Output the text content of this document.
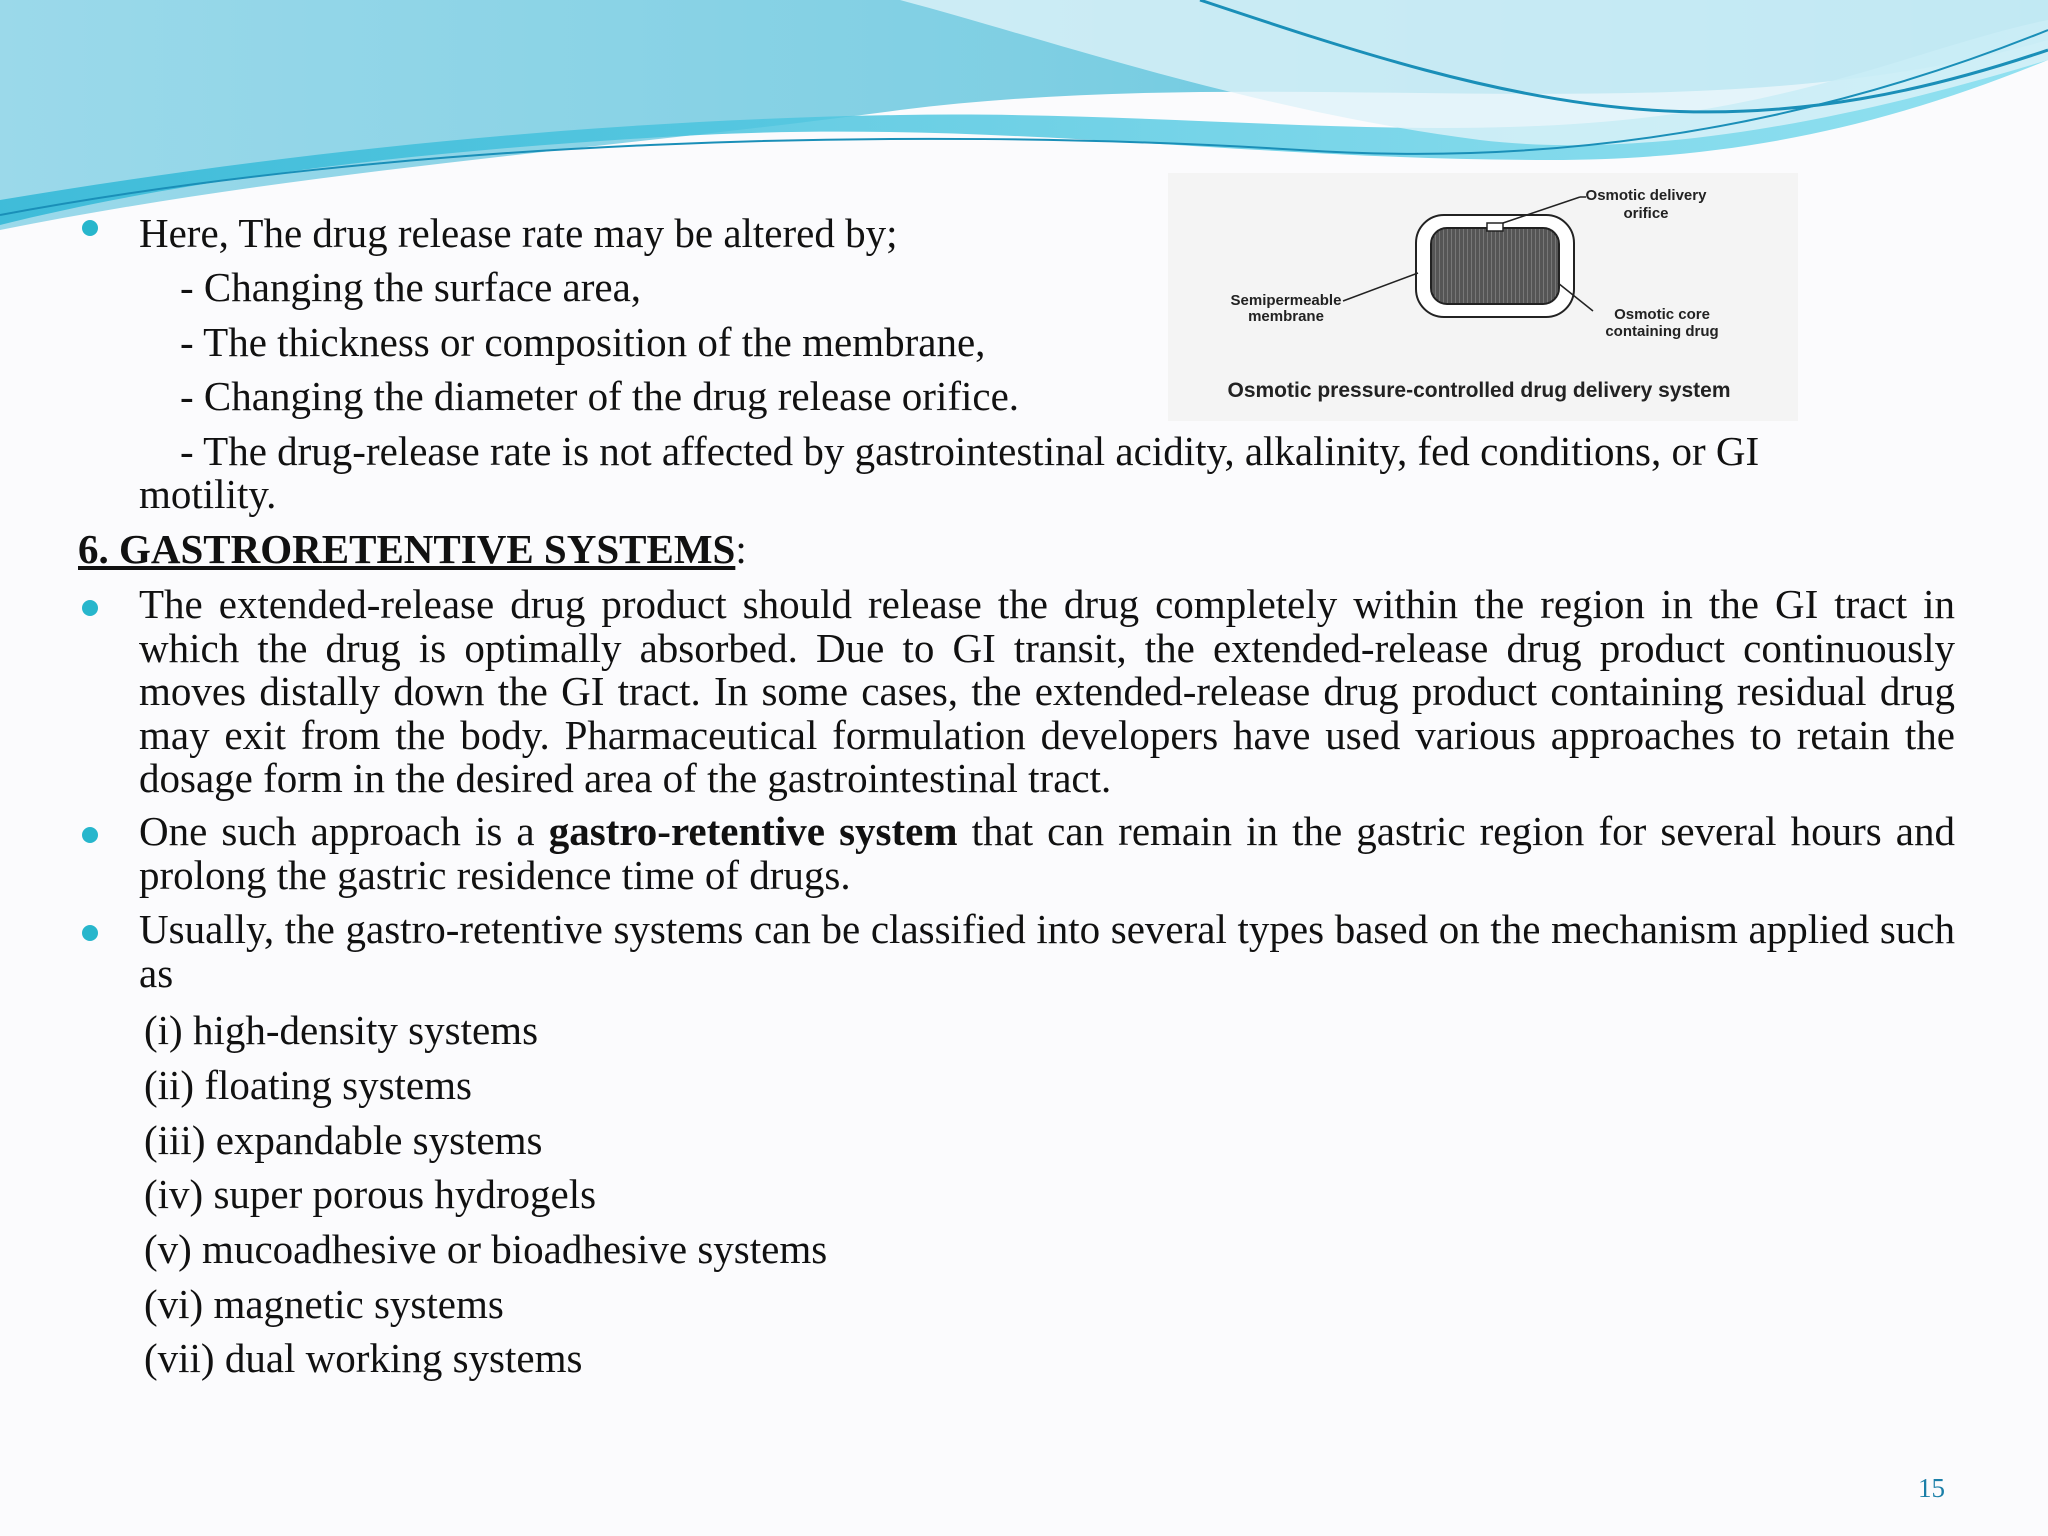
Here, The drug release rate may be altered by;
- Changing the surface area,
- The thickness or composition of the membrane,
- Changing the diameter of the drug release orifice.
- The drug-release rate is not affected by gastrointestinal acidity, alkalinity, fed conditions, or GI
motility.
Osmotic delivery
orifice
Semipermeable
membrane	Osmotic core
containing drug
Osmotic pressure-controlled drug delivery system
6. GASTRORETENTIVE SYSTEMS:
The extended-release drug product should release the drug completely within the region in the GI tract in which the drug is optimally absorbed. Due to GI transit, the extended-release drug product continuously moves distally down the GI tract. In some cases, the extended-release drug product containing residual drug may exit from the body. Pharmaceutical formulation developers have used various approaches to retain the dosage form in the desired area of the gastrointestinal tract.
One such approach is a gastro-retentive system that can remain in the gastric region for several hours and prolong the gastric residence time of drugs.
Usually, the gastro-retentive systems can be classified into several types based on the mechanism applied such as
(i) high-density systems
(ii) floating systems
(iii) expandable systems
(iv) super porous hydrogels
(v) mucoadhesive or bioadhesive systems
(vi) magnetic systems
(vii) dual working systems
15
